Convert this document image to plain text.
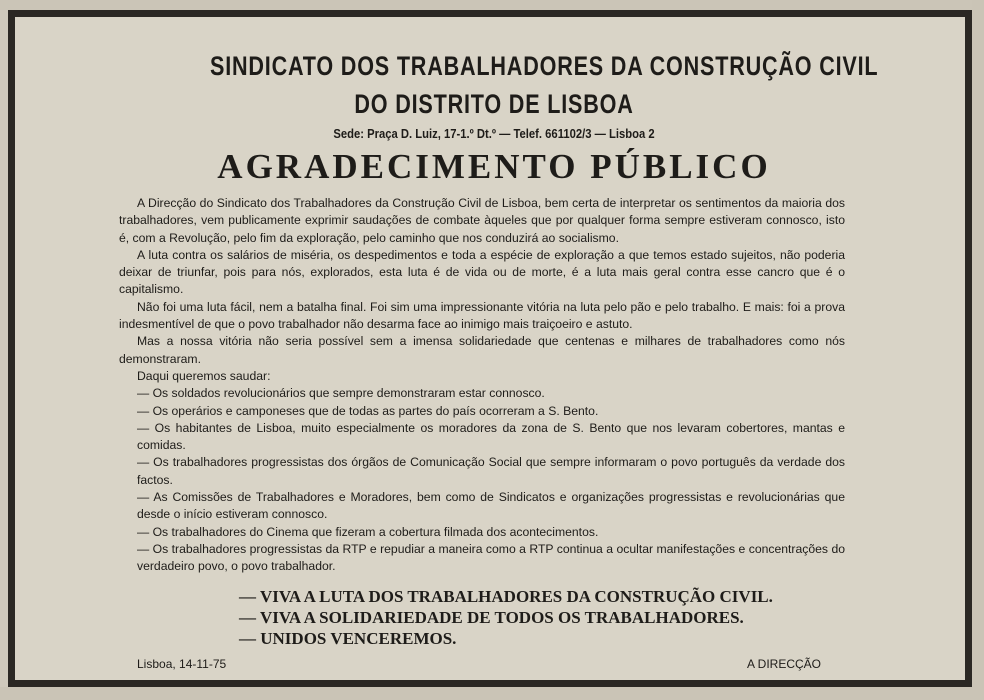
SINDICATO DOS TRABALHADORES DA CONSTRUÇÃO CIVIL
DO DISTRITO DE LISBOA
Sede: Praça D. Luiz, 17-1.º Dt.º — Telef. 661102/3 — Lisboa 2
AGRADECIMENTO PÚBLICO

A Direcção do Sindicato dos Trabalhadores da Construção Civil de Lisboa, bem certa de interpretar os sentimentos da maioria dos trabalhadores, vem publicamente exprimir saudações de combate àqueles que por qualquer forma sempre estiveram connosco, isto é, com a Revolução, pelo fim da exploração, pelo caminho que nos conduzirá ao socialismo.

A luta contra os salários de miséria, os despedimentos e toda a espécie de exploração a que temos estado sujeitos, não poderia deixar de triunfar, pois para nós, explorados, esta luta é de vida ou de morte, é a luta mais geral contra esse cancro que é o capitalismo.

Não foi uma luta fácil, nem a batalha final. Foi sim uma impressionante vitória na luta pelo pão e pelo trabalho. E mais: foi a prova indesmentível de que o povo trabalhador não desarma face ao inimigo mais traiçoeiro e astuto.

Mas a nossa vitória não seria possível sem a imensa solidariedade que centenas e milhares de trabalhadores como nós demonstraram.

Daqui queremos saudar:

— Os soldados revolucionários que sempre demonstraram estar connosco.

— Os operários e camponeses que de todas as partes do país ocorreram a S. Bento.

— Os habitantes de Lisboa, muito especialmente os moradores da zona de S. Bento que nos levaram cobertores, mantas e comidas.

— Os trabalhadores progressistas dos órgãos de Comunicação Social que sempre informaram o povo português da verdade dos factos.

— As Comissões de Trabalhadores e Moradores, bem como de Sindicatos e organizações progressistas e revolucionárias que desde o início estiveram connosco.

— Os trabalhadores do Cinema que fizeram a cobertura filmada dos acontecimentos.

— Os trabalhadores progressistas da RTP e repudiar a maneira como a RTP continua a ocultar manifestações e concentrações do verdadeiro povo, o povo trabalhador.

— VIVA A LUTA DOS TRABALHADORES DA CONSTRUÇÃO CIVIL.
— VIVA A SOLIDARIEDADE DE TODOS OS TRABALHADORES.
— UNIDOS VENCEREMOS.
Lisboa, 14-11-75	A DIRECÇÃO
